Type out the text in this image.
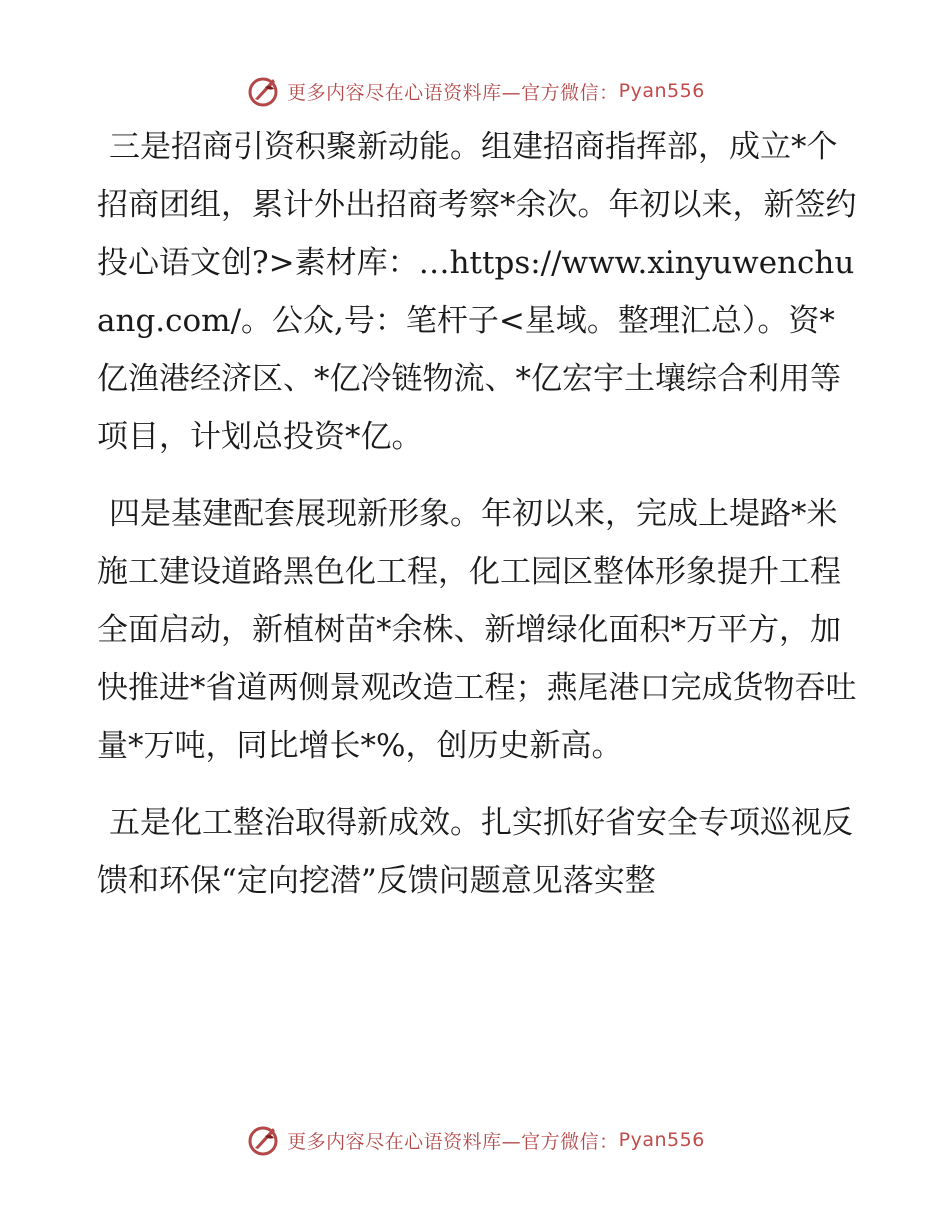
更多内容尽在心语资料库—官方微信： Pyan556

三是招商引资积聚新动能。组建招商指挥部，成立*个招商团组，累计外出招商考察*余次。年初以来，新签约投心语文创?>素材库：…https://www.xinyuwenchuang.com/。公众,号：笔杆子<星域。整理汇总）。资*亿渔港经济区、*亿冷链物流、*亿宏宇土壤综合利用等项目，计划总投资*亿。

四是基建配套展现新形象。年初以来，完成上堤路*米施工建设道路黑色化工程，化工园区整体形象提升工程全面启动，新植树苗*余株、新增绿化面积*万平方，加快推进*省道两侧景观改造工程；燕尾港口完成货物吞吐量*万吨，同比增长*%，创历史新高。

五是化工整治取得新成效。扎实抓好省安全专项巡视反馈和环保“定向挖潜”反馈问题意见落实整

更多内容尽在心语资料库—官方微信： Pyan556
